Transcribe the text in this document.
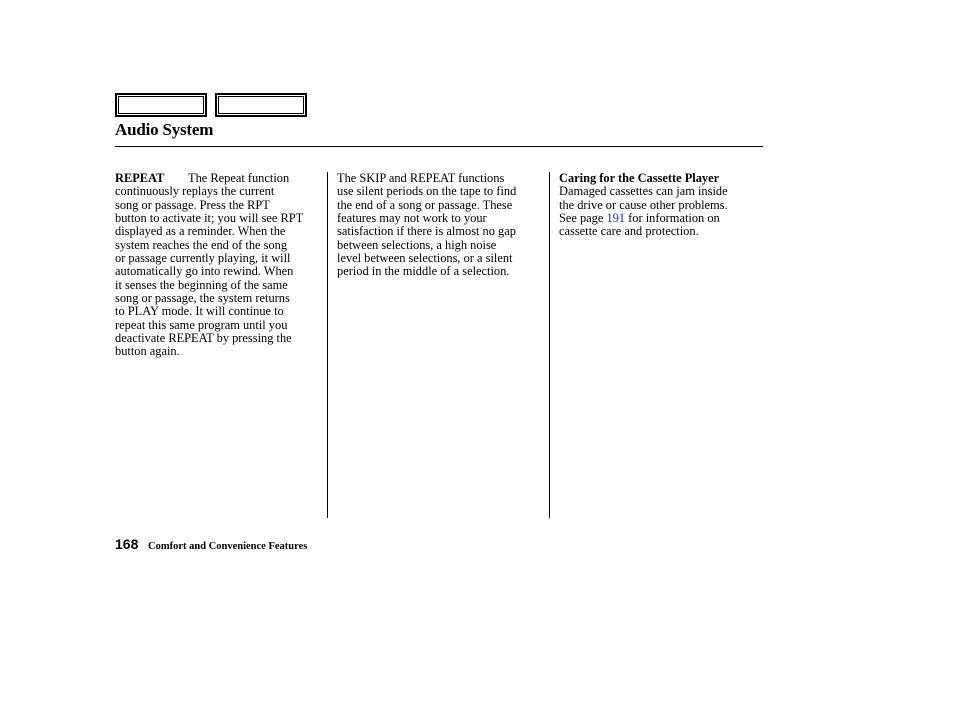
Audio System
REPEAT The Repeat function
continuously replays the current
song or passage. Press the RPT
button to activate it; you will see RPT
displayed as a reminder. When the
system reaches the end of the song
or passage currently playing, it will
automatically go into rewind. When
it senses the beginning of the same
song or passage, the system returns
to PLAY mode. It will continue to
repeat this same program until you
deactivate REPEAT by pressing the
button again.
The SKIP and REPEAT functions
use silent periods on the tape to find
the end of a song or passage. These
features may not work to your
satisfaction if there is almost no gap
between selections, a high noise
level between selections, or a silent
period in the middle of a selection.
Caring for the Cassette Player
Damaged cassettes can jam inside
the drive or cause other problems.
See page 191 for information on
cassette care and protection.
168 Comfort and Convenience Features
